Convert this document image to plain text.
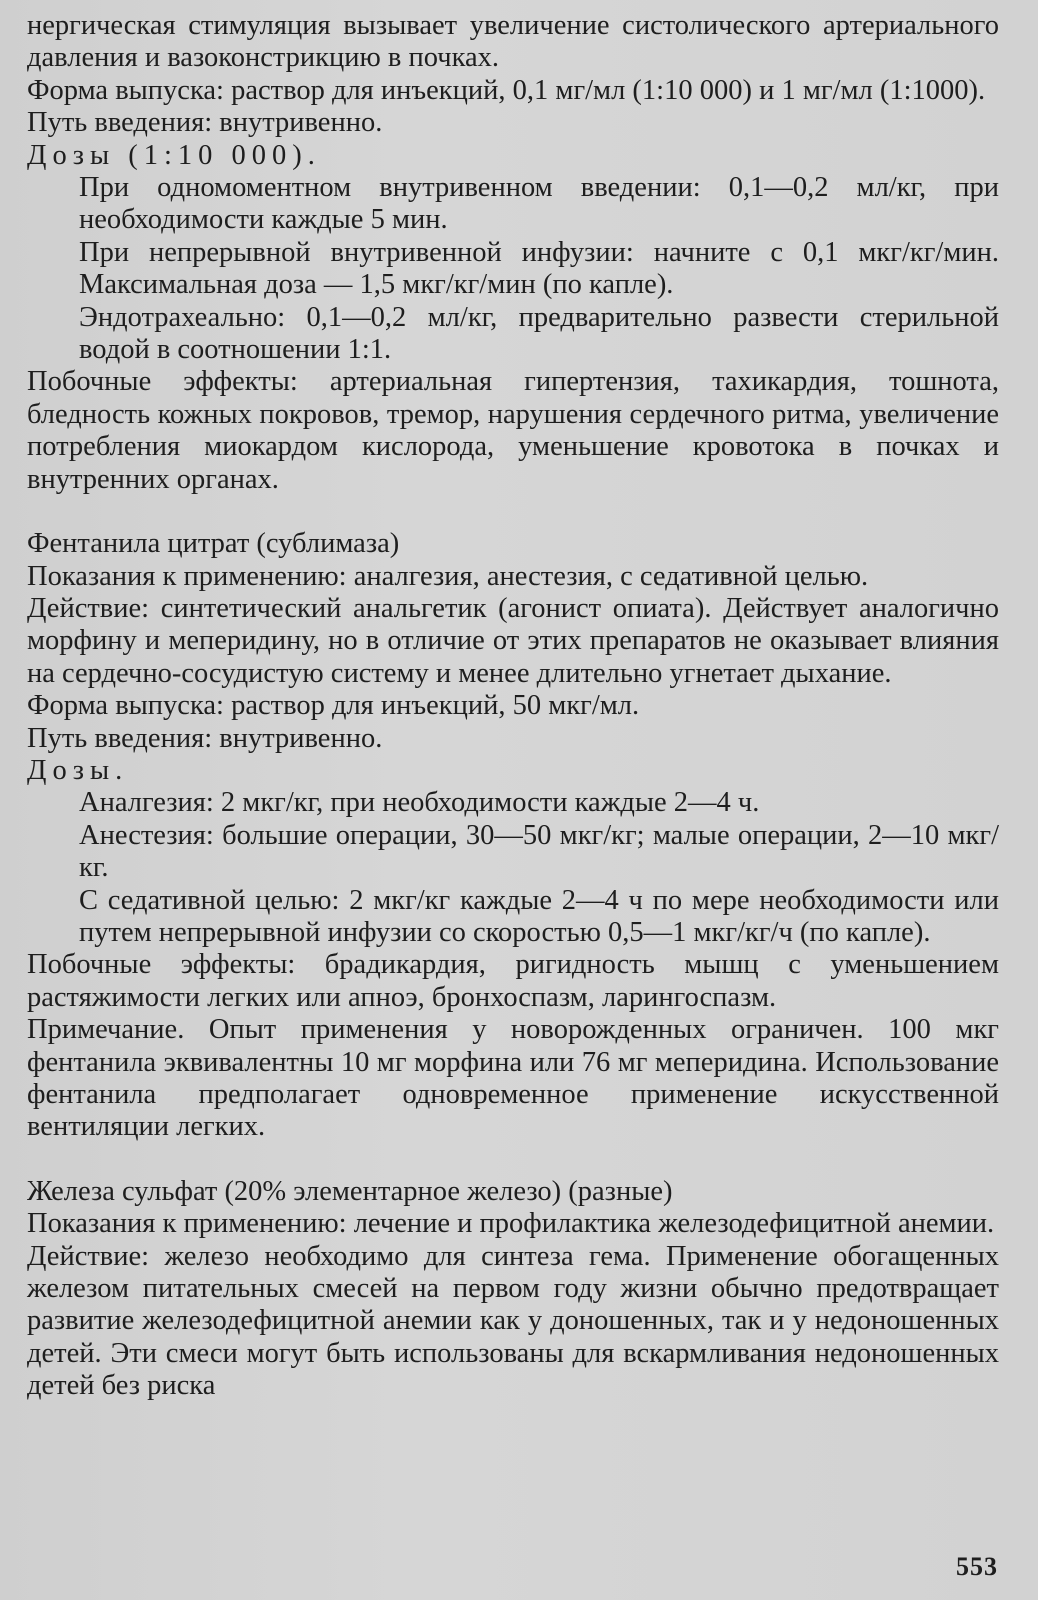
нергическая стимуляция вызывает увеличение систолического артериального давления и вазоконстрикцию в почках.

Форма выпуска: раствор для инъекций, 0,1 мг/мл (1:10 000) и 1 мг/мл (1:1000).

Путь введения: внутривенно.

Дозы (1:10 000).

При одномоментном внутривенном введении: 0,1—0,2 мл/кг, при необходимости каждые 5 мин.

При непрерывной внутривенной инфузии: начните с 0,1 мкг/кг/мин. Максимальная доза — 1,5 мкг/кг/мин (по капле).

Эндотрахеально: 0,1—0,2 мл/кг, предварительно развести стерильной водой в соотношении 1:1.

Побочные эффекты: артериальная гипертензия, тахикардия, тошнота, бледность кожных покровов, тремор, нарушения сердечного ритма, увеличение потребления миокардом кислорода, уменьшение кровотока в почках и внутренних органах.

Фентанила цитрат (сублимаза)

Показания к применению: аналгезия, анестезия, с седативной целью.

Действие: синтетический анальгетик (агонист опиата). Действует аналогично морфину и меперидину, но в отличие от этих препаратов не оказывает влияния на сердечно-сосудистую систему и менее длительно угнетает дыхание.

Форма выпуска: раствор для инъекций, 50 мкг/мл.

Путь введения: внутривенно.

Дозы.

Аналгезия: 2 мкг/кг, при необходимости каждые 2—4 ч.

Анестезия: большие операции, 30—50 мкг/кг; малые операции, 2—10 мкг/кг.

С седативной целью: 2 мкг/кг каждые 2—4 ч по мере необходимости или путем непрерывной инфузии со скоростью 0,5—1 мкг/кг/ч (по капле).

Побочные эффекты: брадикардия, ригидность мышц с уменьшением растяжимости легких или апноэ, бронхоспазм, ларингоспазм.

Примечание. Опыт применения у новорожденных ограничен. 100 мкг фентанила эквивалентны 10 мг морфина или 76 мг меперидина. Использование фентанила предполагает одновременное применение искусственной вентиляции легких.

Железа сульфат (20% элементарное железо) (разные)

Показания к применению: лечение и профилактика железодефицитной анемии.

Действие: железо необходимо для синтеза гема. Применение обогащенных железом питательных смесей на первом году жизни обычно предотвращает развитие железодефицитной анемии как у доношенных, так и у недоношенных детей. Эти смеси могут быть использованы для вскармливания недоношенных детей без риска

553
